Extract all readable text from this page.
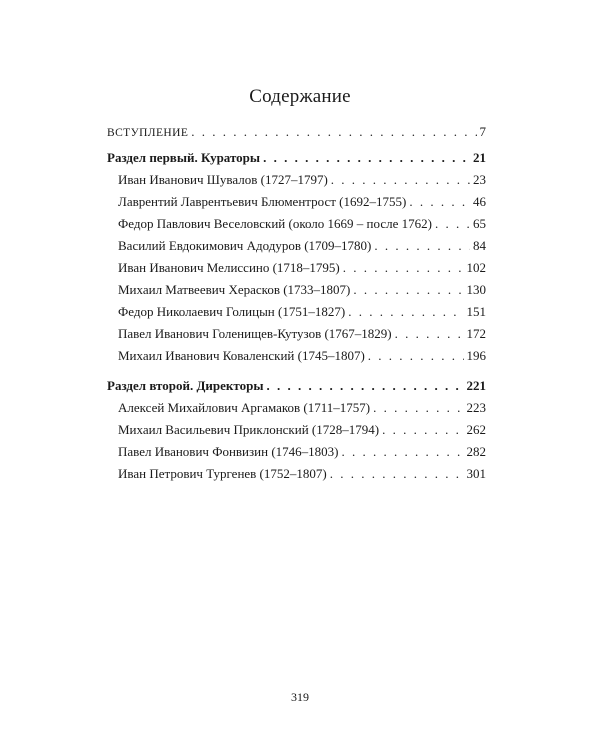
Содержание
ВСТУПЛЕНИЕ . . .	7
Раздел первый. Кураторы . . .	21
Иван Иванович Шувалов (1727–1797) . . .	23
Лаврентий Лаврентьевич Блюментрост (1692–1755) . . .	46
Федор Павлович Веселовский (около 1669 – после 1762) . . .	65
Василий Евдокимович Адодуров (1709–1780) . . .	84
Иван Иванович Мелиссино (1718–1795) . . .	102
Михаил Матвеевич Херасков (1733–1807) . . .	130
Федор Николаевич Голицын (1751–1827) . . .	151
Павел Иванович Голенищев-Кутузов (1767–1829) . . .	172
Михаил Иванович Коваленский (1745–1807) . . .	196
Раздел второй. Директоры . . .	221
Алексей Михайлович Аргамаков (1711–1757) . . .	223
Михаил Васильевич Приклонский (1728–1794) . . .	262
Павел Иванович Фонвизин (1746–1803) . . .	282
Иван Петрович Тургенев (1752–1807) . . .	301
319
